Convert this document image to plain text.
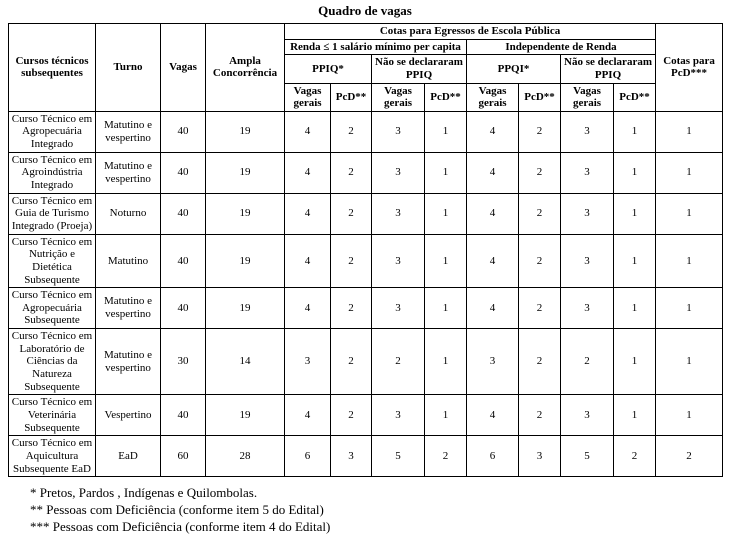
Quadro de vagas
Cursos técnicos subsequentes	Turno	Vagas	Ampla Concorrência	Cotas para Egressos de Escola Pública								Cotas para PcD***
				Renda ≤ 1 salário mínimo per capita				Independente de Renda				
				PPIQ*		Não se declararam PPIQ		PPQI*		Não se declararam PPIQ		
				Vagas gerais	PcD**	Vagas gerais	PcD**	Vagas gerais	PcD**	Vagas gerais	PcD**	
Curso Técnico em Agropecuária Integrado	Matutino e vespertino	40	19	4	2	3	1	4	2	3	1	1
Curso Técnico em Agroindústria Integrado	Matutino e vespertino	40	19	4	2	3	1	4	2	3	1	1
Curso Técnico em Guia de Turismo Integrado (Proeja)	Noturno	40	19	4	2	3	1	4	2	3	1	1
Curso Técnico em Nutrição e Dietética Subsequente	Matutino	40	19	4	2	3	1	4	2	3	1	1
Curso Técnico em Agropecuária Subsequente	Matutino e vespertino	40	19	4	2	3	1	4	2	3	1	1
Curso Técnico em Laboratório de Ciências da Natureza Subsequente	Matutino e vespertino	30	14	3	2	2	1	3	2	2	1	1
Curso Técnico em Veterinária Subsequente	Vespertino	40	19	4	2	3	1	4	2	3	1	1
Curso Técnico em Aquicultura Subsequente EaD	EaD	60	28	6	3	5	2	6	3	5	2	2
* Pretos, Pardos , Indígenas e Quilombolas.
** Pessoas com Deficiência (conforme item 5 do Edital)
*** Pessoas com Deficiência (conforme item 4 do Edital)
